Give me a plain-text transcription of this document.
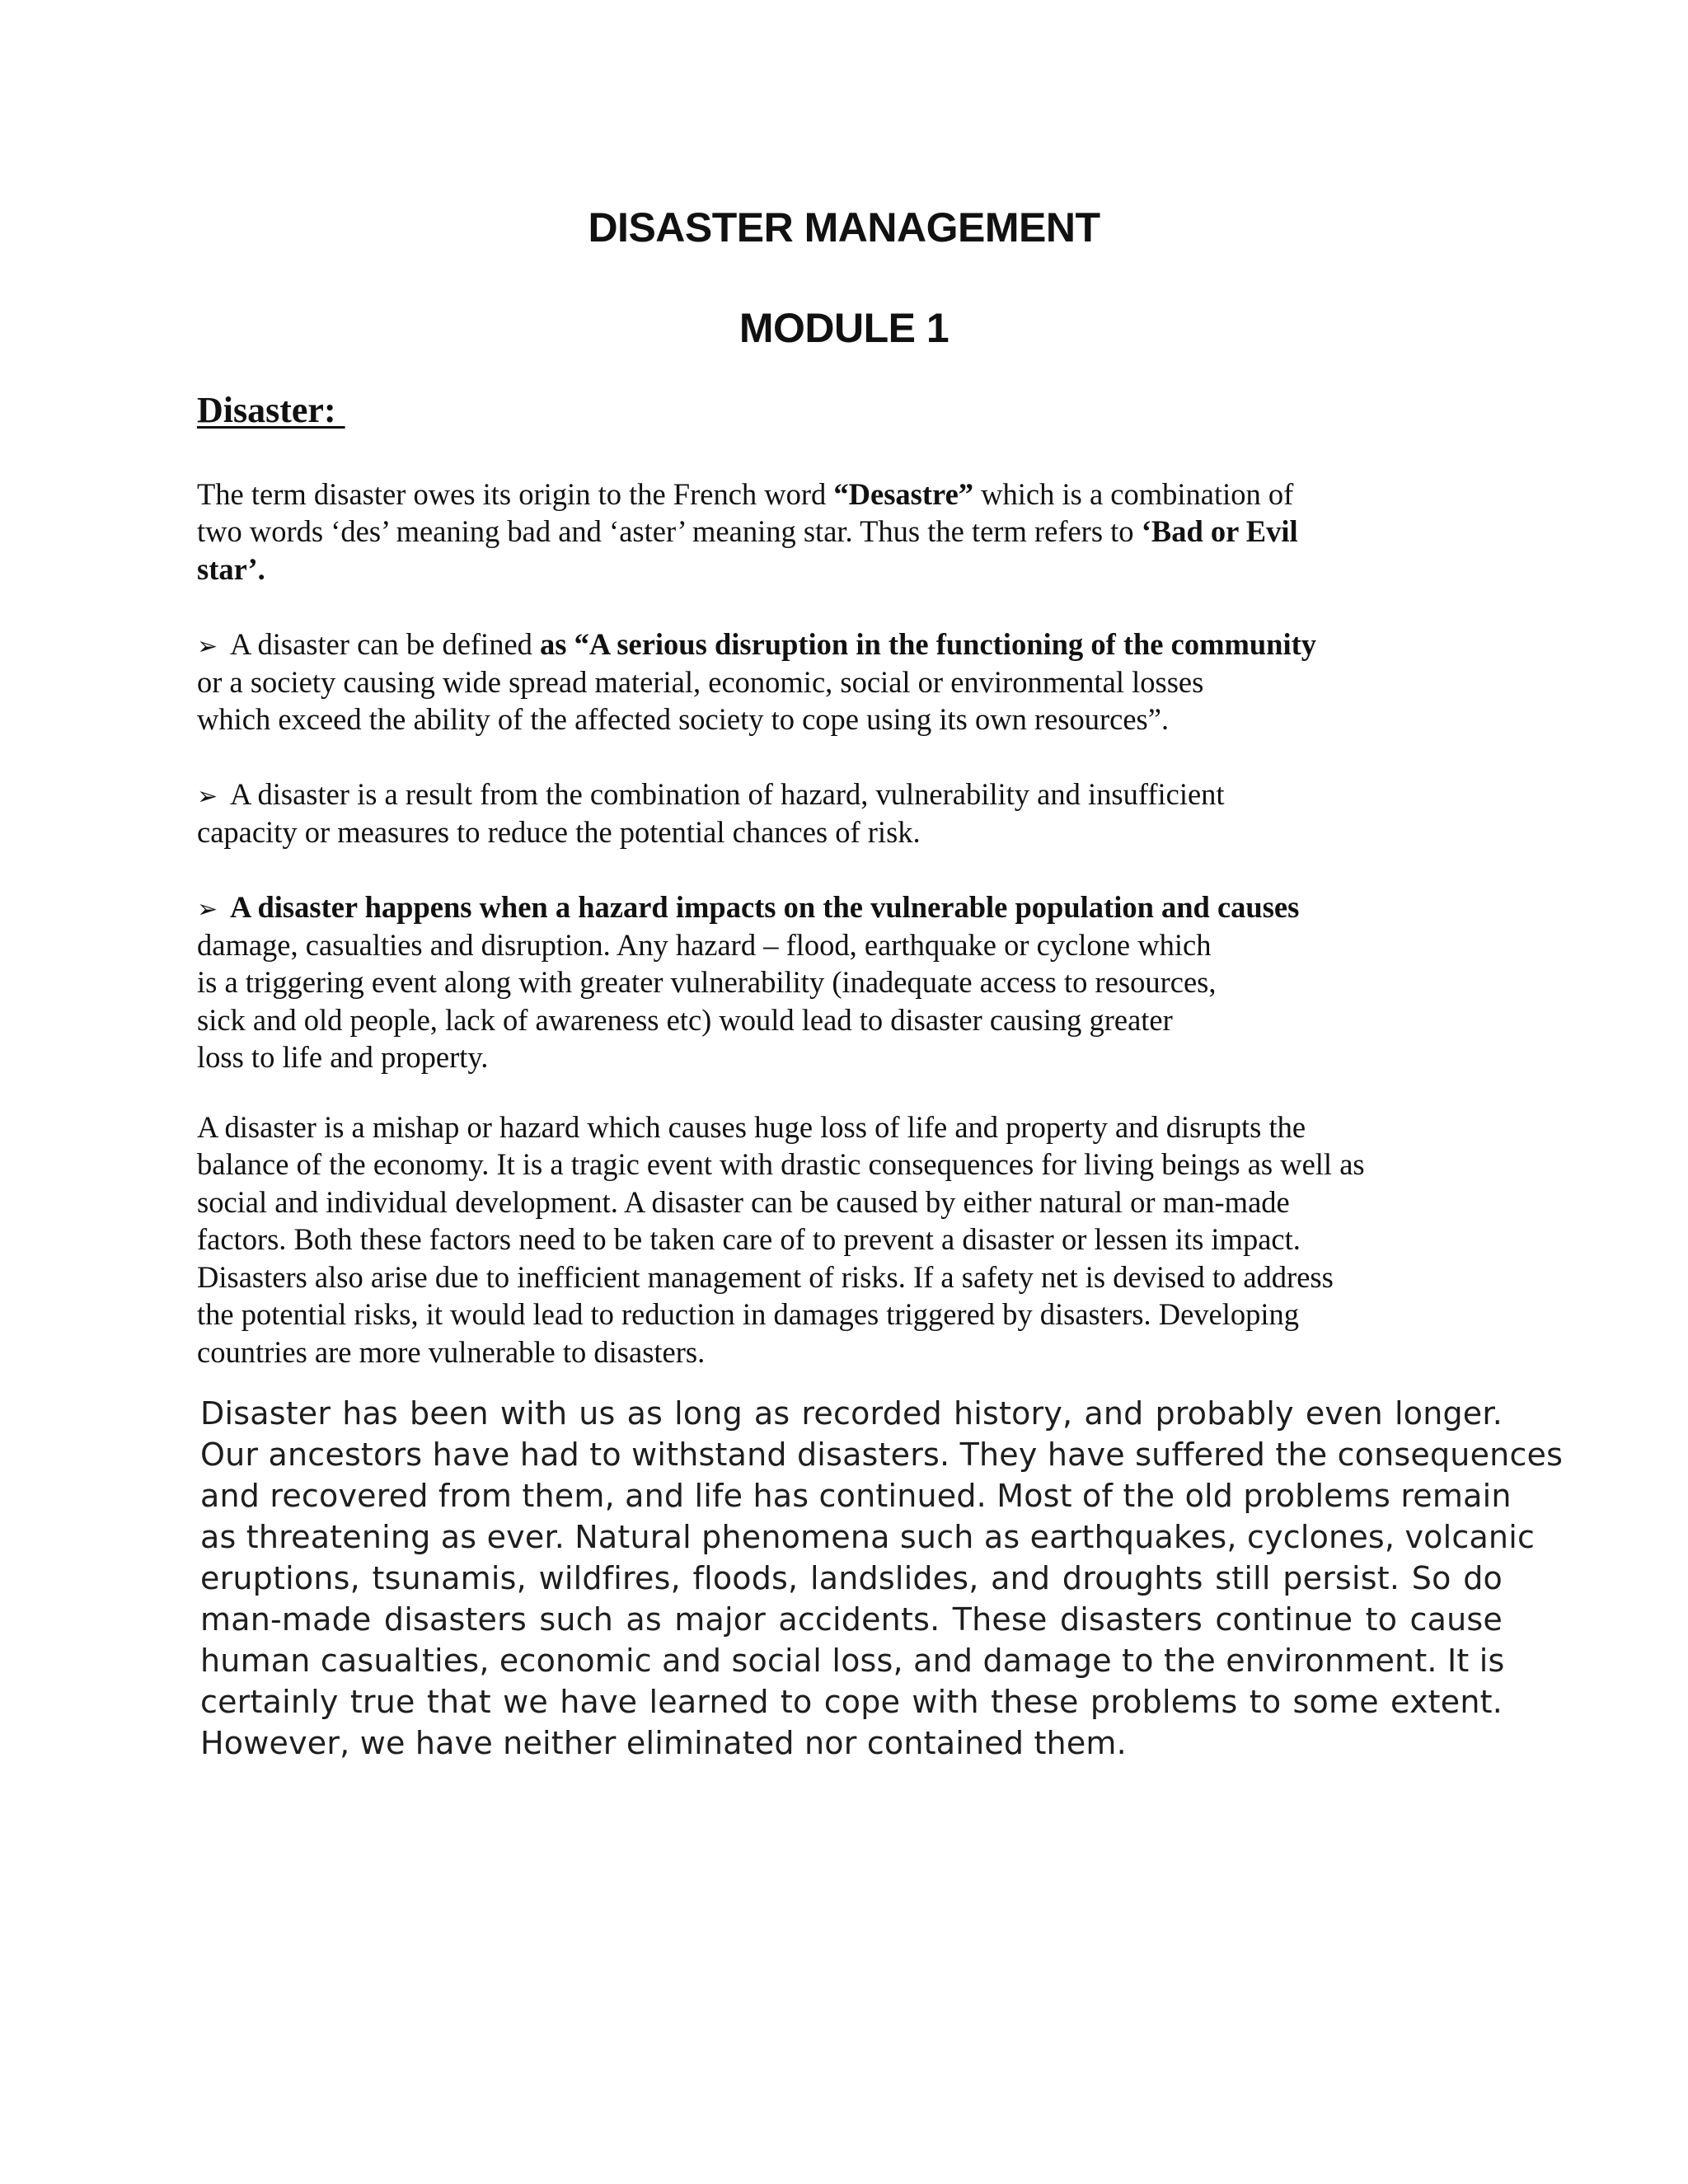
DISASTER MANAGEMENT
MODULE 1
Disaster:
The term disaster owes its origin to the French word “Desastre” which is a combination of
two words ‘des’ meaning bad and ‘aster’ meaning star. Thus the term refers to ‘Bad or Evil
star’.
➢ A disaster can be defined as “A serious disruption in the functioning of the community
or a society causing wide spread material, economic, social or environmental losses
which exceed the ability of the affected society to cope using its own resources”.
➢ A disaster is a result from the combination of hazard, vulnerability and insufficient
capacity or measures to reduce the potential chances of risk.
➢ A disaster happens when a hazard impacts on the vulnerable population and causes
damage, casualties and disruption. Any hazard – flood, earthquake or cyclone which
is a triggering event along with greater vulnerability (inadequate access to resources,
sick and old people, lack of awareness etc) would lead to disaster causing greater
loss to life and property.
A disaster is a mishap or hazard which causes huge loss of life and property and disrupts the
balance of the economy. It is a tragic event with drastic consequences for living beings as well as
social and individual development. A disaster can be caused by either natural or man-made
factors. Both these factors need to be taken care of to prevent a disaster or lessen its impact.
Disasters also arise due to inefficient management of risks. If a safety net is devised to address
the potential risks, it would lead to reduction in damages triggered by disasters. Developing
countries are more vulnerable to disasters.
Disaster has been with us as long as recorded history, and probably even longer.
Our ancestors have had to withstand disasters. They have suffered the consequences
and recovered from them, and life has continued. Most of the old problems remain
as threatening as ever. Natural phenomena such as earthquakes, cyclones, volcanic
eruptions, tsunamis, wildfires, floods, landslides, and droughts still persist. So do
man-made disasters such as major accidents. These disasters continue to cause
human casualties, economic and social loss, and damage to the environment. It is
certainly true that we have learned to cope with these problems to some extent.
However, we have neither eliminated nor contained them.
